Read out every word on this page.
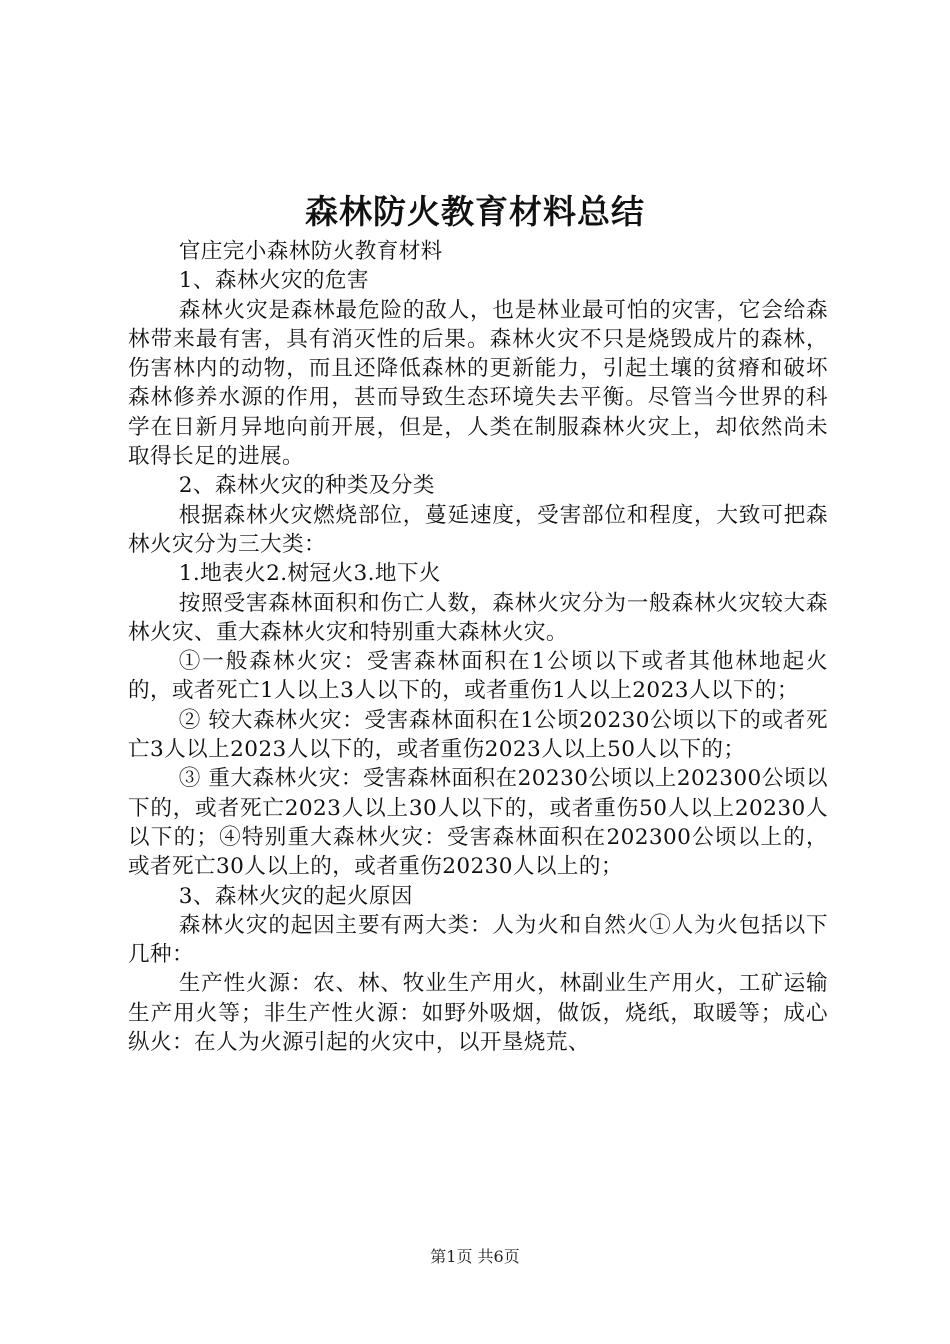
森林防火教育材料总结

官庄完小森林防火教育材料

1、森林火灾的危害

森林火灾是森林最危险的敌人，也是林业最可怕的灾害，它会给森林带来最有害，具有消灭性的后果。森林火灾不只是烧毁成片的森林，伤害林内的动物，而且还降低森林的更新能力，引起土壤的贫瘠和破坏森林修养水源的作用，甚而导致生态环境失去平衡。尽管当今世界的科学在日新月异地向前开展，但是，人类在制服森林火灾上，却依然尚未取得长足的进展。

2、森林火灾的种类及分类

根据森林火灾燃烧部位，蔓延速度，受害部位和程度，大致可把森林火灾分为三大类：

1.地表火2.树冠火3.地下火

按照受害森林面积和伤亡人数，森林火灾分为一般森林火灾较大森林火灾、重大森林火灾和特别重大森林火灾。

①一般森林火灾：受害森林面积在1公顷以下或者其他林地起火的，或者死亡1人以上3人以下的，或者重伤1人以上2023人以下的；

② 较大森林火灾：受害森林面积在1公顷20230公顷以下的或者死亡3人以上2023人以下的，或者重伤2023人以上50人以下的；

③ 重大森林火灾：受害森林面积在20230公顷以上202300公顷以下的，或者死亡2023人以上30人以下的，或者重伤50人以上20230人以下的；④特别重大森林火灾：受害森林面积在202300公顷以上的，或者死亡30人以上的，或者重伤20230人以上的；

3、森林火灾的起火原因

森林火灾的起因主要有两大类：人为火和自然火①人为火包括以下几种：

生产性火源：农、林、牧业生产用火，林副业生产用火，工矿运输生产用火等；非生产性火源：如野外吸烟，做饭，烧纸，取暖等；成心纵火：在人为火源引起的火灾中，以开垦烧荒、

第1页 共6页
